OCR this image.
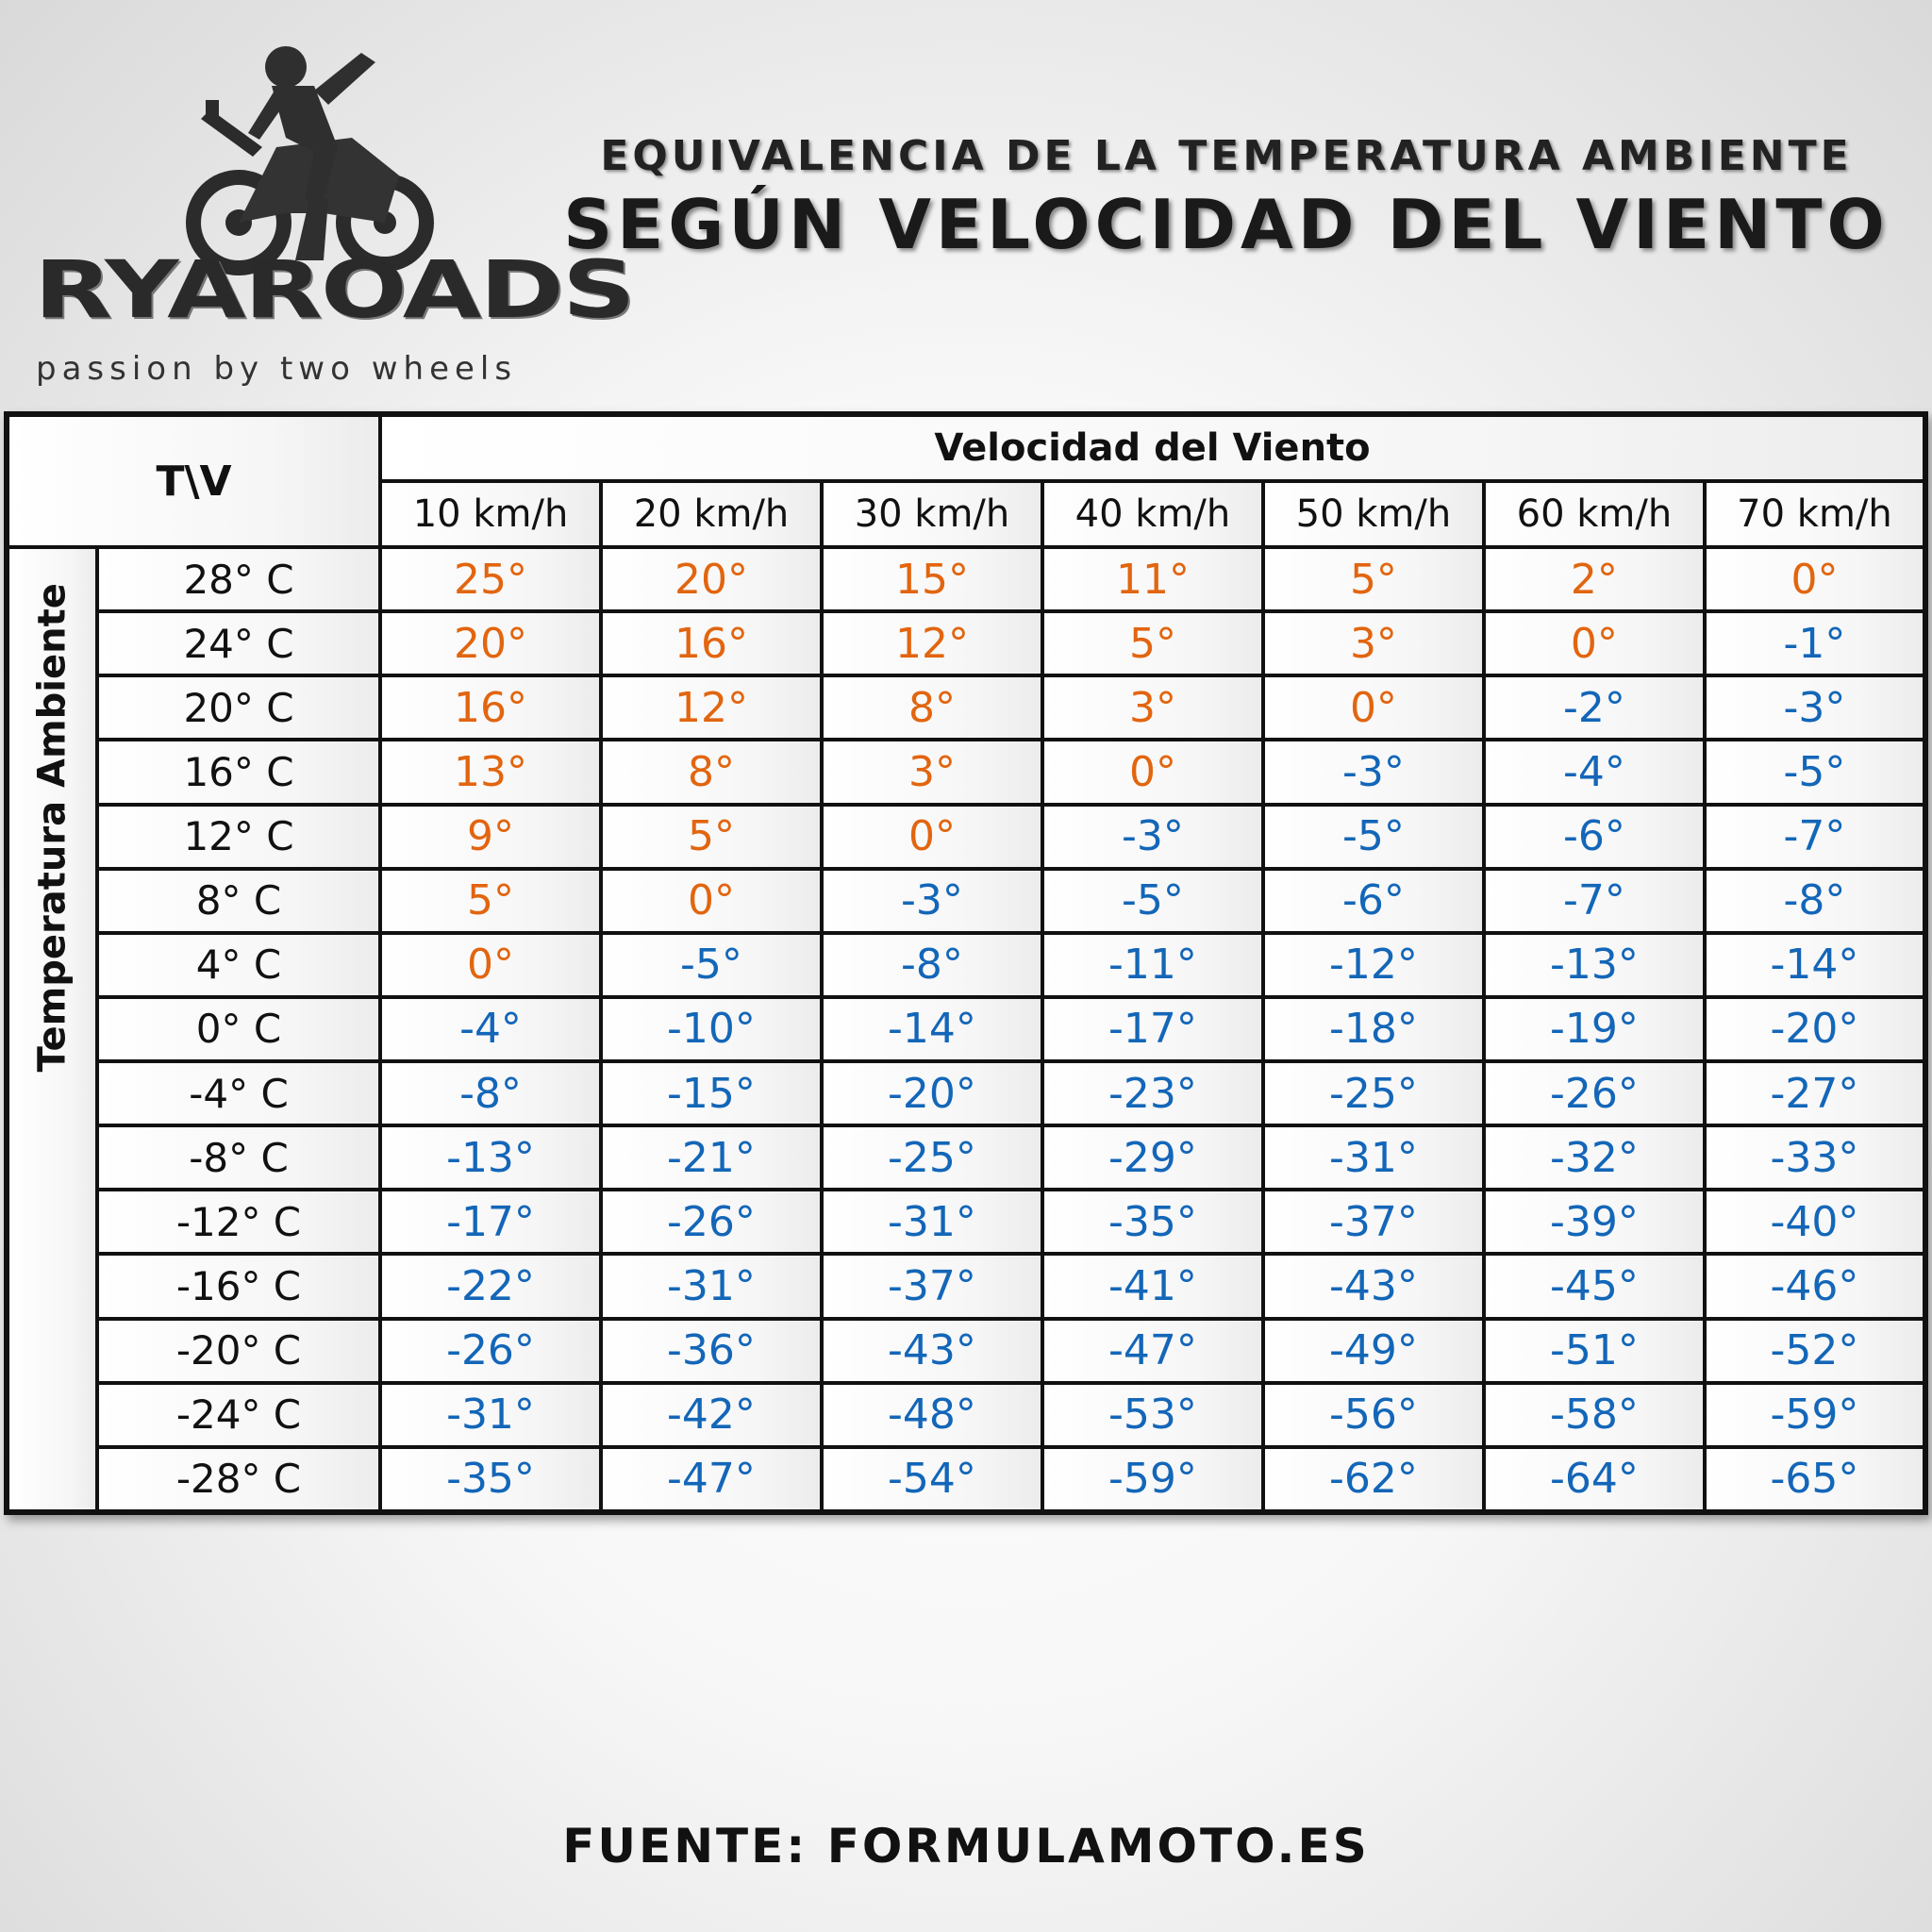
RYAROADS
passion by two wheels
EQUIVALENCIA DE LA TEMPERATURA AMBIENTE
SEGÚN VELOCIDAD DEL VIENTO
T\V		Velocidad del Viento						
		10 km/h	20 km/h	30 km/h	40 km/h	50 km/h	60 km/h	70 km/h

Temperatura Ambiente	28° C	25°	20°	15°	11°	5°	2°	0°
	24° C	20°	16°	12°	5°	3°	0°	-1°
	20° C	16°	12°	8°	3°	0°	-2°	-3°
	16° C	13°	8°	3°	0°	-3°	-4°	-5°
	12° C	9°	5°	0°	-3°	-5°	-6°	-7°
	8° C	5°	0°	-3°	-5°	-6°	-7°	-8°
	4° C	0°	-5°	-8°	-11°	-12°	-13°	-14°
	0° C	-4°	-10°	-14°	-17°	-18°	-19°	-20°
	-4° C	-8°	-15°	-20°	-23°	-25°	-26°	-27°
	-8° C	-13°	-21°	-25°	-29°	-31°	-32°	-33°
	-12° C	-17°	-26°	-31°	-35°	-37°	-39°	-40°
	-16° C	-22°	-31°	-37°	-41°	-43°	-45°	-46°
	-20° C	-26°	-36°	-43°	-47°	-49°	-51°	-52°
	-24° C	-31°	-42°	-48°	-53°	-56°	-58°	-59°
	-28° C	-35°	-47°	-54°	-59°	-62°	-64°	-65°
FUENTE: FORMULAMOTO.ES
